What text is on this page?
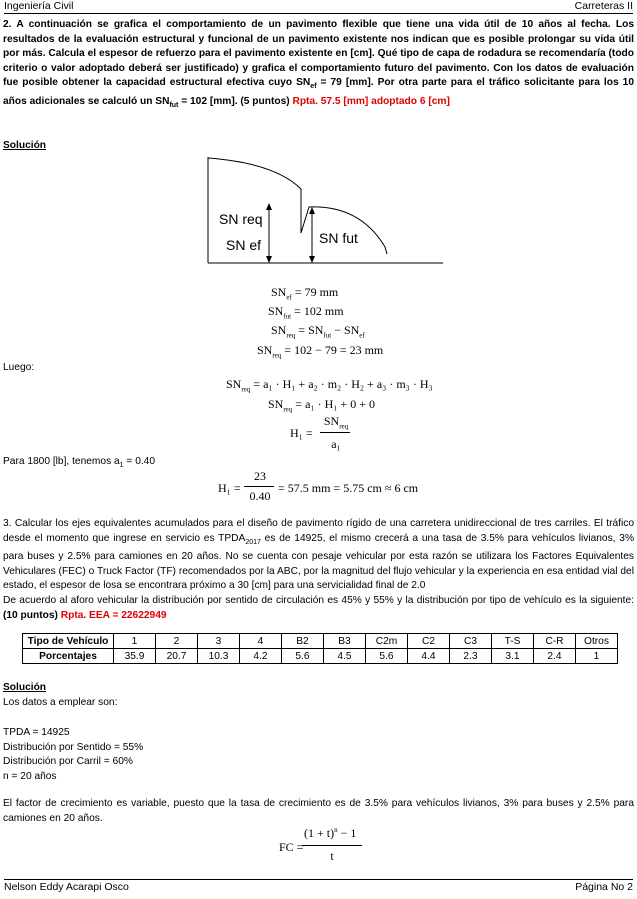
Ingeniería Civil	Carreteras II
2. A continuación se grafica el comportamiento de un pavimento flexible que tiene una vida útil de 10 años al fecha. Los resultados de la evaluación estructural y funcional de un pavimento existente nos indican que es posible prolongar su vida útil por más. Calcula el espesor de refuerzo para el pavimento existente en [cm]. Qué tipo de capa de rodadura se recomendaría (todo criterio o valor adoptado deberá ser justificado) y grafica el comportamiento futuro del pavimento. Con los datos de evaluación fue posible obtener la capacidad estructural efectiva cuyo $SN_{ef} = 79$ [mm]. Por otra parte para el tráfico solicitante para los 10 años adicionales se calculó un $SN_{fut} = 102$ [mm]. (5 puntos) Rpta. 57.5 [mm] adoptado 6 [cm]
Solución
SN req
SN ef	SN fut
$SN_{ef} = 79$ mm
$SN_{fut} = 102$ mm
$SN_{req} = SN_{fut} - SN_{ef}$
$SN_{req} = 102 - 79 = 23$ mm
Luego:
$SN_{req} = a_1 \cdot H_1 + a_2 \cdot m_2 \cdot H_2 + a_3 \cdot m_3 \cdot H_3$
$SN_{req} = a_1 \cdot H_1 + 0 + 0$
H₁ =
$SN_{req}$
a₁
Para 1800 [lb], tenemos $a_1 = 0.40$
H₁ =
23
0.40
= 57.5 mm = 5.75 cm ≈ 6 cm
3. Calcular los ejes equivalentes acumulados para el diseño de pavimento rígido de una carretera unidireccional de tres carriles. El tráfico desde el momento que ingrese en servicio es $TPDA_{2017}$ es de 14925, el mismo crecerá a una tasa de 3.5% para vehículos livianos, 3% para buses y 2.5% para camiones en 20 años. No se cuenta con pesaje vehicular por esta razón se utilizara los Factores Equivalentes Vehiculares (FEC) o Truck Factor (TF) recomendados por la ABC, por la magnitud del flujo vehicular y la experiencia en esa entidad vial del estado, el espesor de losa se encontrara próximo a 30 [cm] para una servicialidad final de 2.0
De acuerdo al aforo vehicular la distribución por sentido de circulación es 45% y 55% y la distribución por tipo de vehículo es la siguiente: (10 puntos) Rpta. EEA = 22622949
Tipo de Vehículo	1	2	3	4	B2	B3	C2m	C2	C3	T-S	C-R	Otros
Porcentajes	35.9	20.7	10.3	4.2	5.6	4.5	5.6	4.4	2.3	3.1	2.4	1
Solución
Los datos a emplear son:
TPDA = 14925
Distribución por Sentido = 55%
Distribución por Carril = 60%
n = 20 años
El factor de crecimiento es variable, puesto que la tasa de crecimiento es de 3.5% para vehículos livianos, 3% para buses y 2.5% para camiones en 20 años.
FC =
$(1 + t)^n - 1$
t
Nelson Eddy Acarapi Osco	Página No 2
